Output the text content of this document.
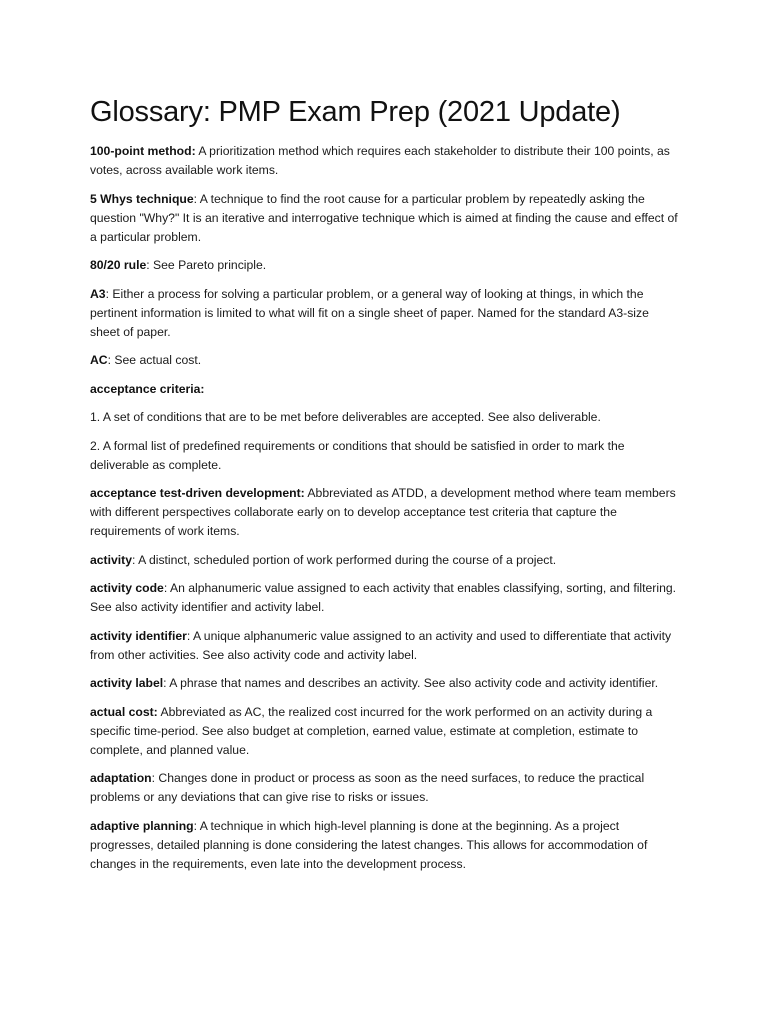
Glossary: PMP Exam Prep (2021 Update)

100-point method: A prioritization method which requires each stakeholder to distribute their 100 points, as votes, across available work items.

5 Whys technique: A technique to find the root cause for a particular problem by repeatedly asking the question "Why?" It is an iterative and interrogative technique which is aimed at finding the cause and effect of a particular problem.

80/20 rule: See Pareto principle.

A3: Either a process for solving a particular problem, or a general way of looking at things, in which the pertinent information is limited to what will fit on a single sheet of paper. Named for the standard A3-size sheet of paper.

AC: See actual cost.

acceptance criteria:

1. A set of conditions that are to be met before deliverables are accepted. See also deliverable.

2. A formal list of predefined requirements or conditions that should be satisfied in order to mark the deliverable as complete.

acceptance test-driven development: Abbreviated as ATDD, a development method where team members with different perspectives collaborate early on to develop acceptance test criteria that capture the requirements of work items.

activity: A distinct, scheduled portion of work performed during the course of a project.

activity code: An alphanumeric value assigned to each activity that enables classifying, sorting, and filtering. See also activity identifier and activity label.

activity identifier: A unique alphanumeric value assigned to an activity and used to differentiate that activity from other activities. See also activity code and activity label.

activity label: A phrase that names and describes an activity. See also activity code and activity identifier.

actual cost: Abbreviated as AC, the realized cost incurred for the work performed on an activity during a specific time-period. See also budget at completion, earned value, estimate at completion, estimate to complete, and planned value.

adaptation: Changes done in product or process as soon as the need surfaces, to reduce the practical problems or any deviations that can give rise to risks or issues.

adaptive planning: A technique in which high-level planning is done at the beginning. As a project progresses, detailed planning is done considering the latest changes. This allows for accommodation of changes in the requirements, even late into the development process.
